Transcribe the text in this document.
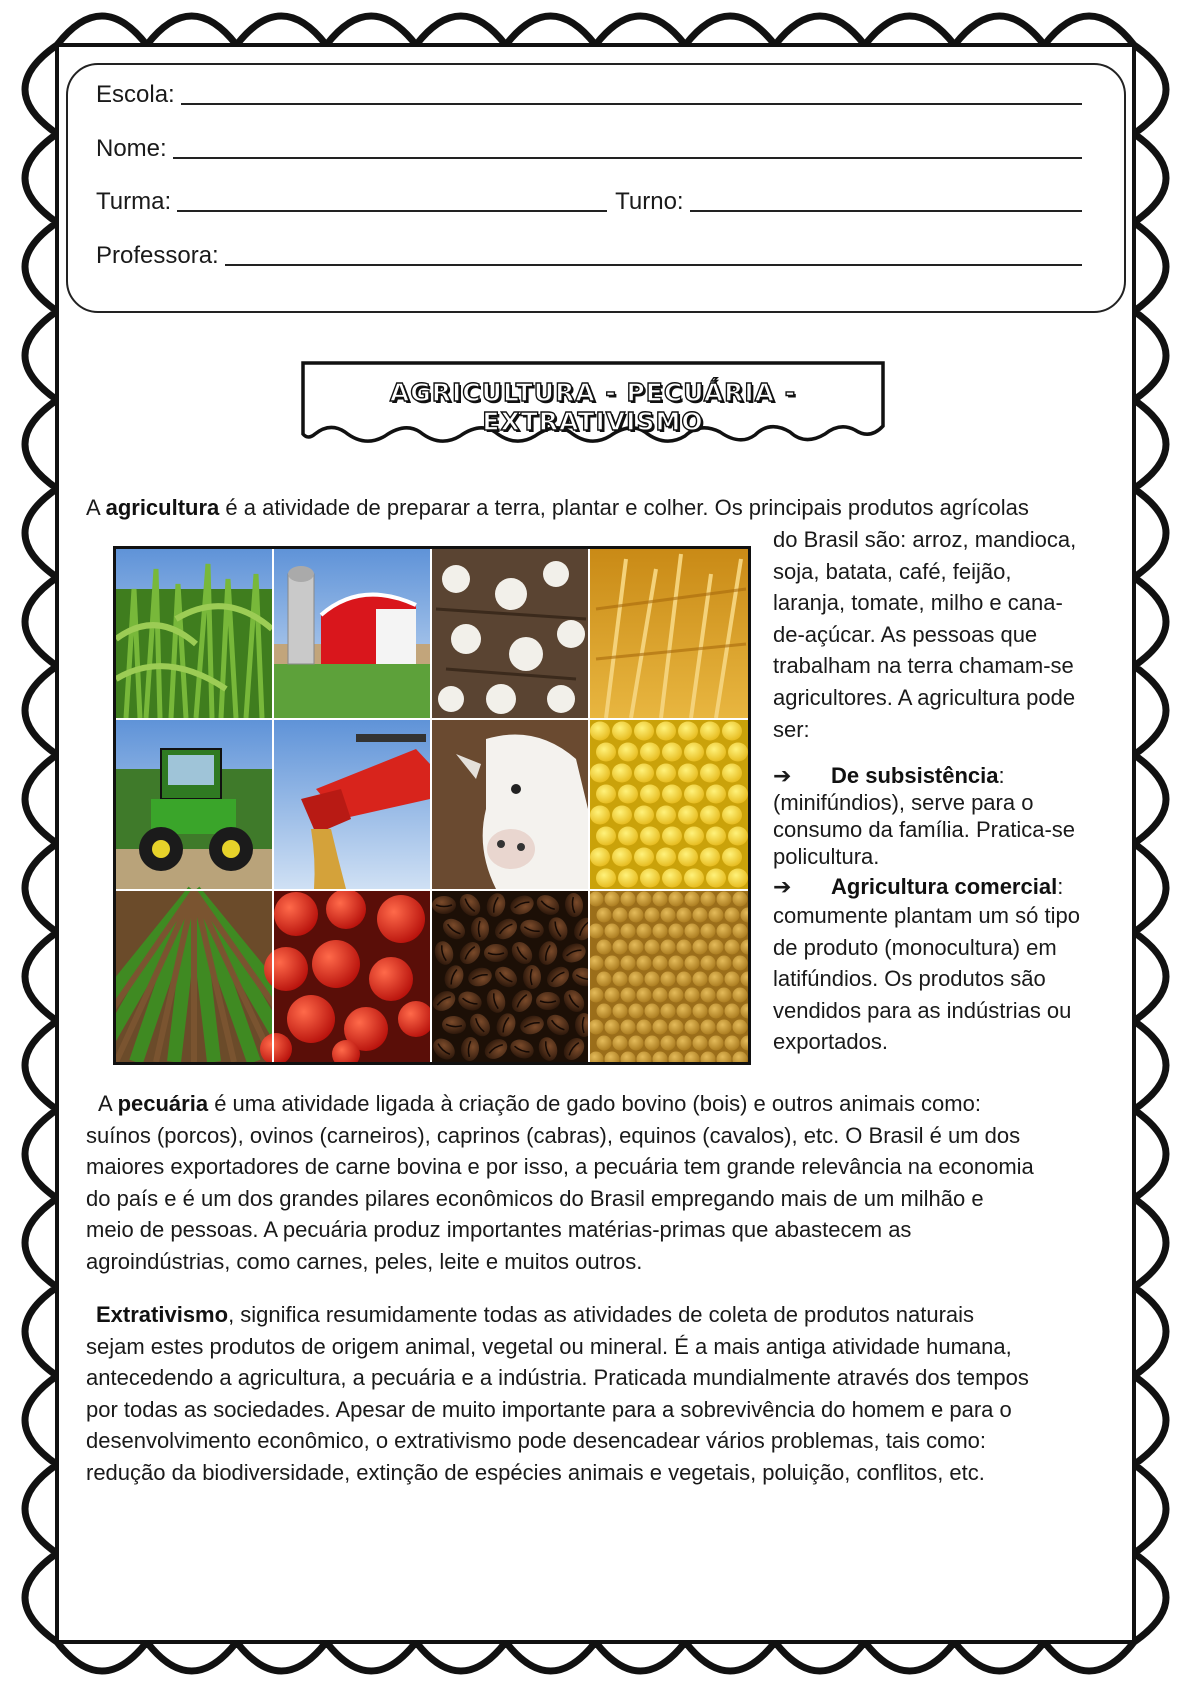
Escola:
Nome:
Turma:	Turno:
Professora:
AGRICULTURA - PECUÁRIA - EXTRATIVISMO

A agricultura é a atividade de preparar a terra, plantar e colher. Os principais produtos agrícolas

do Brasil são: arroz, mandioca,
soja, batata, café, feijão,
laranja, tomate, milho e cana-
de-açúcar. As pessoas que
trabalham na terra chamam-se
agricultores. A agricultura pode
ser:
➔ De subsistência:
(minifúndios), serve para o
consumo da família. Pratica-se
policultura.
➔ Agricultura comercial:
comumente plantam um só tipo
de produto (monocultura) em
latifúndios. Os produtos são
vendidos para as indústrias ou
exportados.
A pecuária é uma atividade ligada à criação de gado bovino (bois) e outros animais como:
suínos (porcos), ovinos (carneiros), caprinos (cabras), equinos (cavalos), etc. O Brasil é um dos
maiores exportadores de carne bovina e por isso, a pecuária tem grande relevância na economia
do país e é um dos grandes pilares econômicos do Brasil empregando mais de um milhão e
meio de pessoas. A pecuária produz importantes matérias-primas que abastecem as
agroindústrias, como carnes, peles, leite e muitos outros.
Extrativismo, significa resumidamente todas as atividades de coleta de produtos naturais
sejam estes produtos de origem animal, vegetal ou mineral. É a mais antiga atividade humana,
antecedendo a agricultura, a pecuária e a indústria. Praticada mundialmente através dos tempos
por todas as sociedades. Apesar de muito importante para a sobrevivência do homem e para o
desenvolvimento econômico, o extrativismo pode desencadear vários problemas, tais como:
redução da biodiversidade, extinção de espécies animais e vegetais, poluição, conflitos, etc.
